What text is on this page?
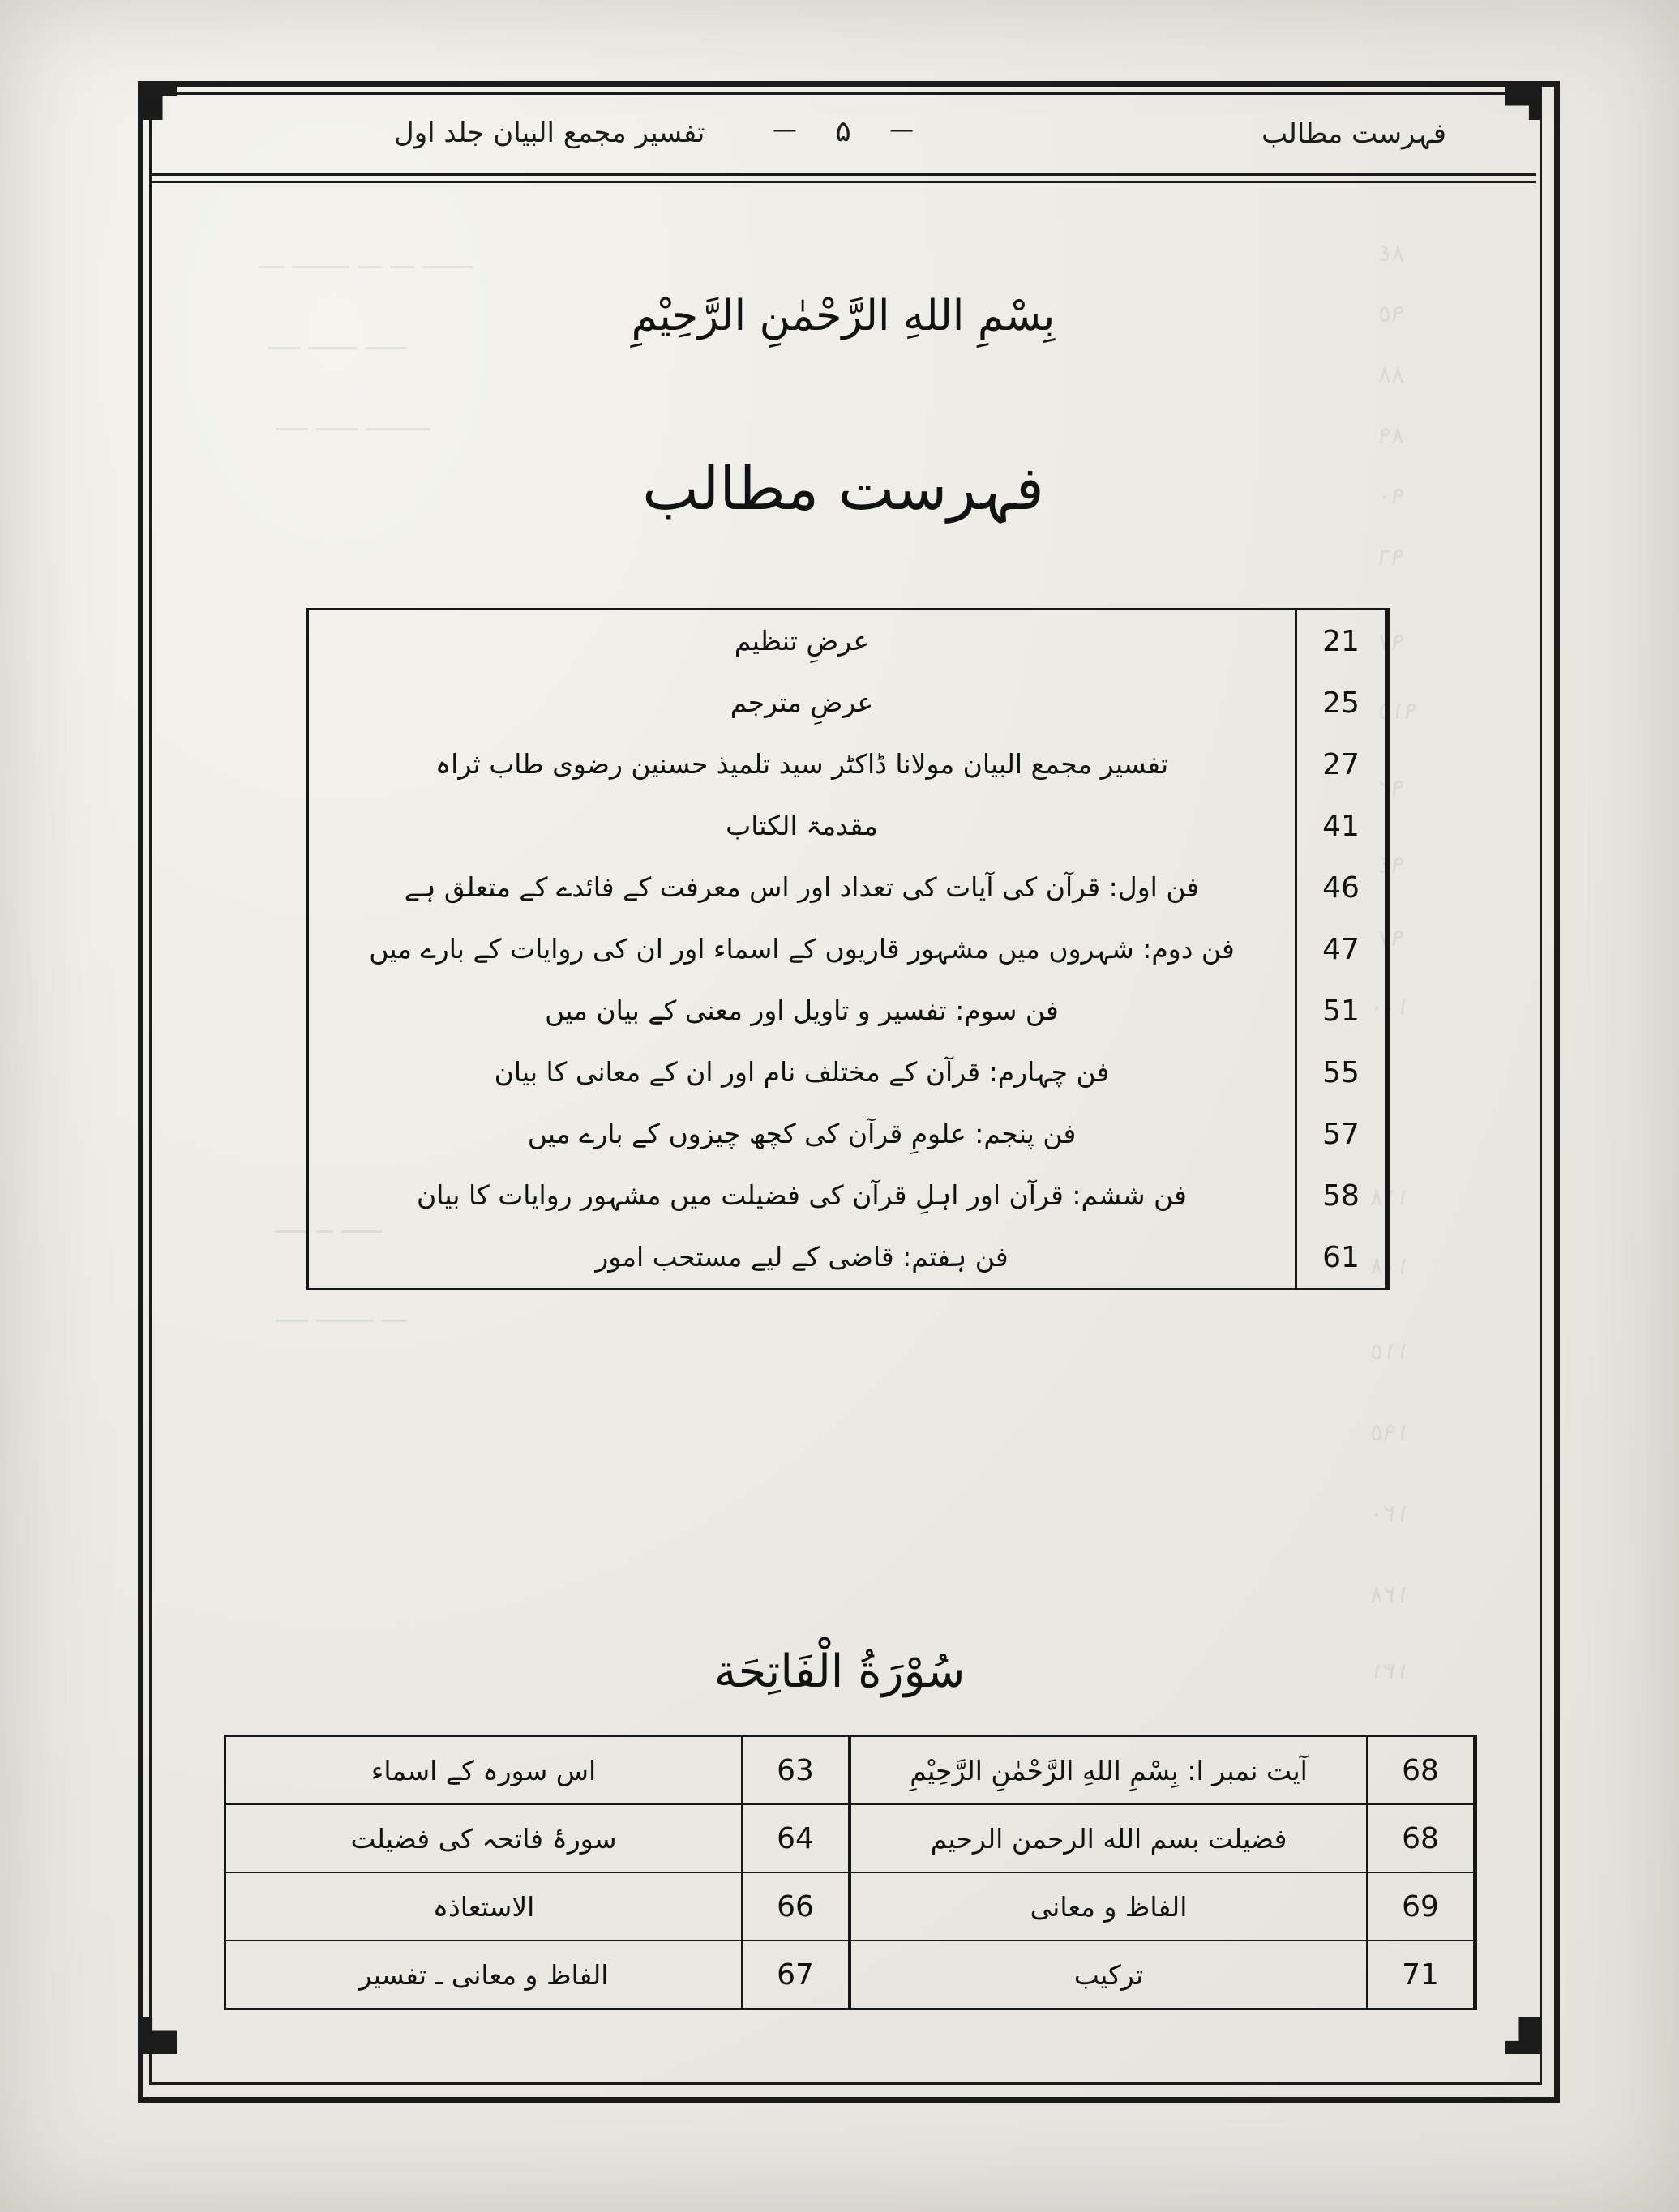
٨٤
٩٥
٨٨
٨٩
٩٠
٩٦
٩٧
٩١٥
٩٢
٩٤
٩٧
١٠٠
١١٨
١٠٨
١١٥
١٩٥
١٢٠
١٢٨
١٣١
ـــ ـــــــ ـــ ـــ ــــــ
ــــ ــــــ ـــــ
ــــ ـــــ ــــــــ
ــــ ــ ـــــ
ــــ ـــــــ ـــ
فہرست مطالب
تفسیر مجمع البیان جلد اول	— ۵ —
بِسْمِ اللهِ الرَّحْمٰنِ الرَّحِيْمِ
فہرست مطالب
21
عرضِ تنظیم
25
عرضِ مترجم
27
تفسیر مجمع البیان مولانا ڈاکٹر سید تلمیذ حسنین رضوی طاب ثراہ
41
مقدمۃ الکتاب
46
فن اول: قرآن کی آیات کی تعداد اور اس معرفت کے فائدے کے متعلق ہے
47
فن دوم: شہروں میں مشہور قاریوں کے اسماء اور ان کی روایات کے بارے میں
51
فن سوم: تفسیر و تاویل اور معنی کے بیان میں
55
فن چہارم: قرآن کے مختلف نام اور ان کے معانی کا بیان
57
فن پنجم: علومِ قرآن کی کچھ چیزوں کے بارے میں
58
فن ششم: قرآن اور اہلِ قرآن کی فضیلت میں مشہور روایات کا بیان
61
فن ہفتم: قاضی کے لیے مستحب امور
سُوْرَةُ الْفَاتِحَة
68
آیت نمبر ا: بِسْمِ اللهِ الرَّحْمٰنِ الرَّحِيْمِ
63
اس سورہ کے اسماء
68
فضیلت بسم الله الرحمن الرحیم
64
سورۂ فاتحہ کی فضیلت
69
الفاظ و معانی
66
الاستعاذہ
71
ترکیب
67
الفاظ و معانی ـ تفسیر
